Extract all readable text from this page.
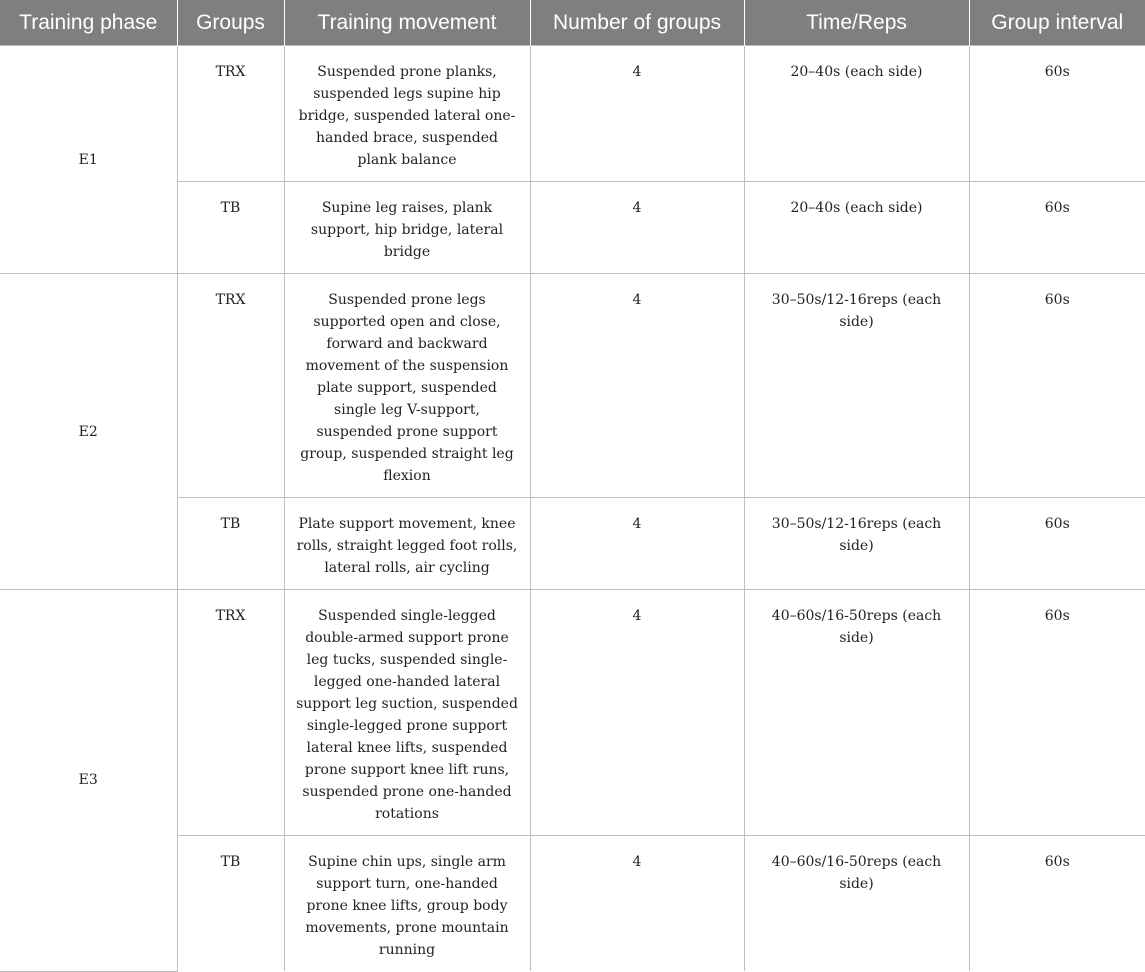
Training phase	Groups	Training movement	Number of groups	Time/Reps	Group interval
E1	TRX	Suspended prone planks, suspended legs supine hip bridge, suspended lateral one-handed brace, suspended plank balance	4	20–40s (each side)	60s
	TB	Supine leg raises, plank support, hip bridge, lateral bridge	4	20–40s (each side)	60s
E2	TRX	Suspended prone legs supported open and close, forward and backward movement of the suspension plate support, suspended single leg V-support, suspended prone support group, suspended straight leg flexion	4	30–50s/12-16reps (each side)	60s
	TB	Plate support movement, knee rolls, straight legged foot rolls, lateral rolls, air cycling	4	30–50s/12-16reps (each side)	60s
E3	TRX	Suspended single-legged double-armed support prone leg tucks, suspended single-legged one-handed lateral support leg suction, suspended single-legged prone support lateral knee lifts, suspended prone support knee lift runs, suspended prone one-handed rotations	4	40–60s/16-50reps (each side)	60s
	TB	Supine chin ups, single arm support turn, one-handed prone knee lifts, group body movements, prone mountain running	4	40–60s/16-50reps (each side)	60s
